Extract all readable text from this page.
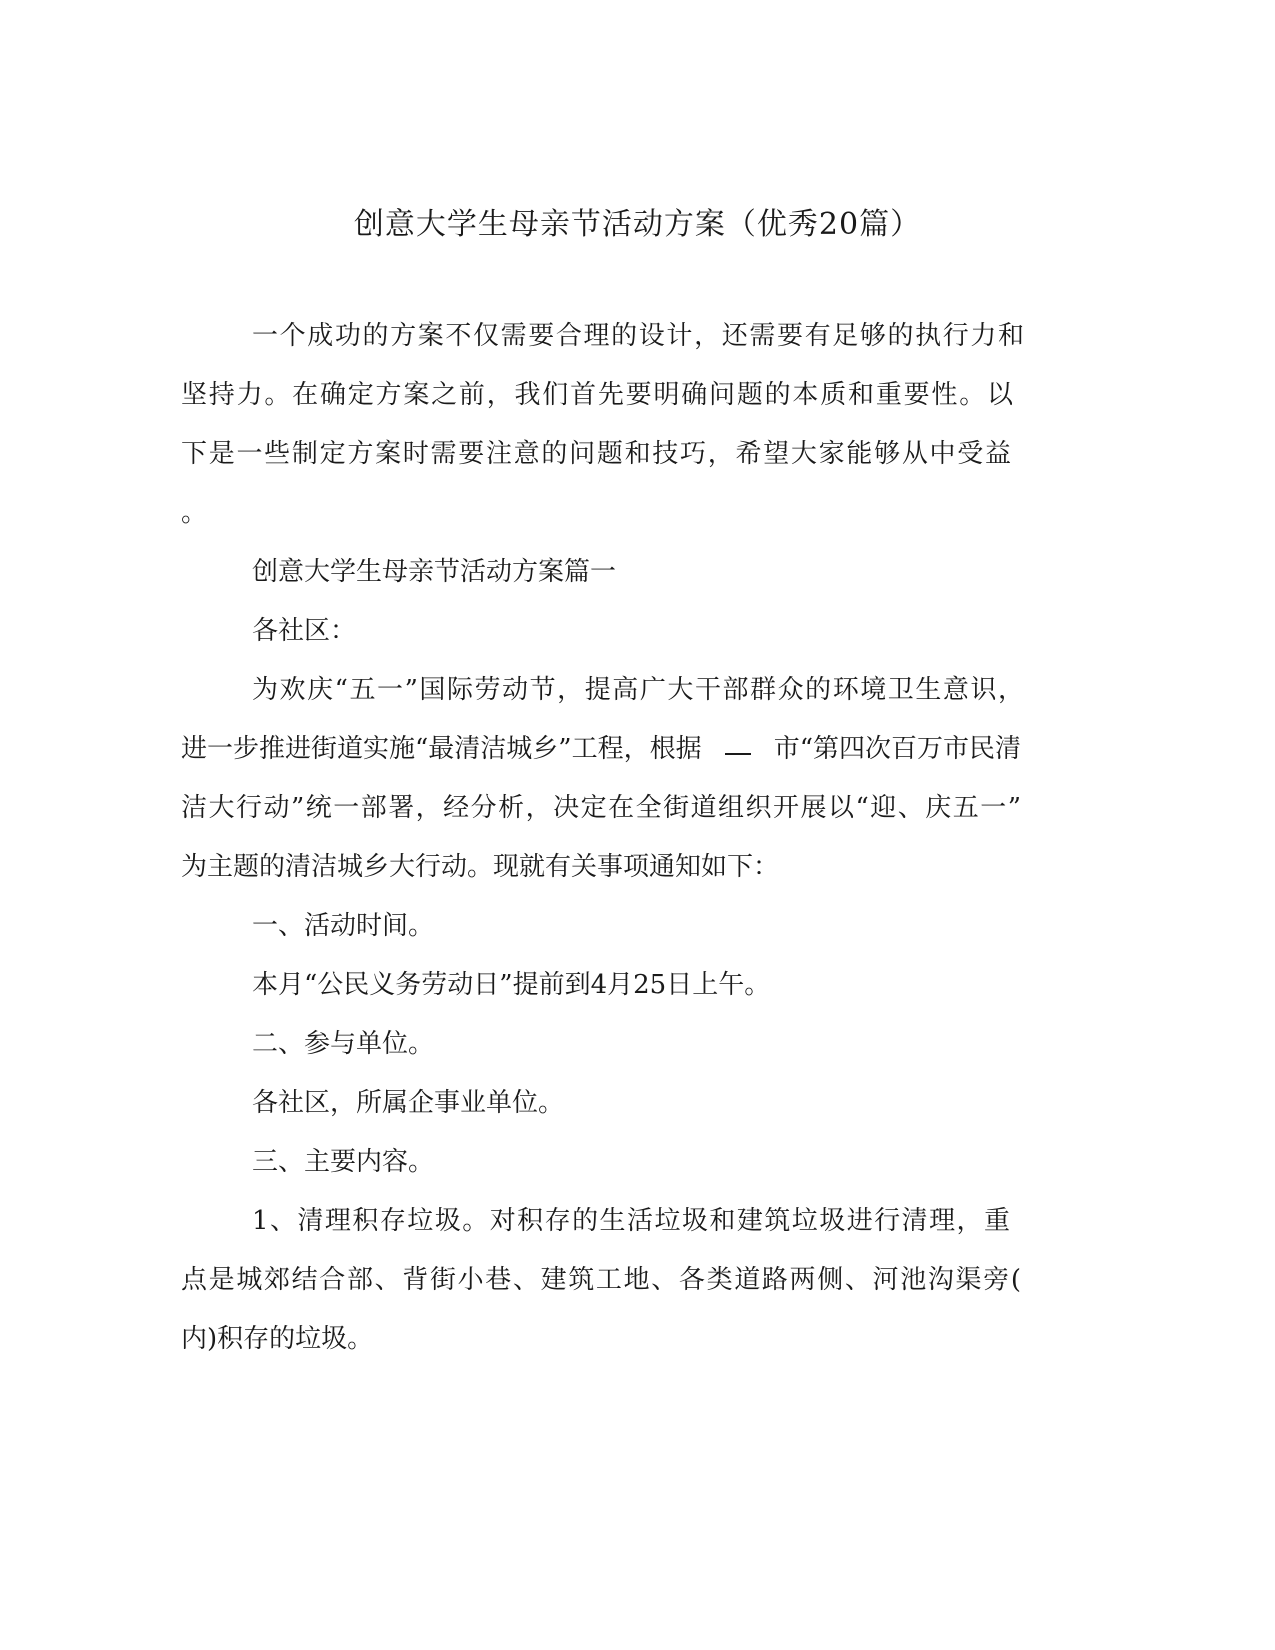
创意大学生母亲节活动方案（优秀20篇）
一个成功的方案不仅需要合理的设计，还需要有足够的执行力和
坚持力。在确定方案之前，我们首先要明确问题的本质和重要性。以
下是一些制定方案时需要注意的问题和技巧，希望大家能够从中受益
。
创意大学生母亲节活动方案篇一
各社区：
为欢庆“五一”国际劳动节，提高广大干部群众的环境卫生意识，
进一步推进街道实施“最清洁城乡”工程，根据	市“第四次百万市民清
洁大行动”统一部署，经分析，决定在全街道组织开展以“迎、庆五一”
为主题的清洁城乡大行动。现就有关事项通知如下：
一、活动时间。
本月“公民义务劳动日”提前到4月25日上午。
二、参与单位。
各社区，所属企事业单位。
三、主要内容。
1、清理积存垃圾。对积存的生活垃圾和建筑垃圾进行清理，重
点是城郊结合部、背街小巷、建筑工地、各类道路两侧、河池沟渠旁(
内)积存的垃圾。
